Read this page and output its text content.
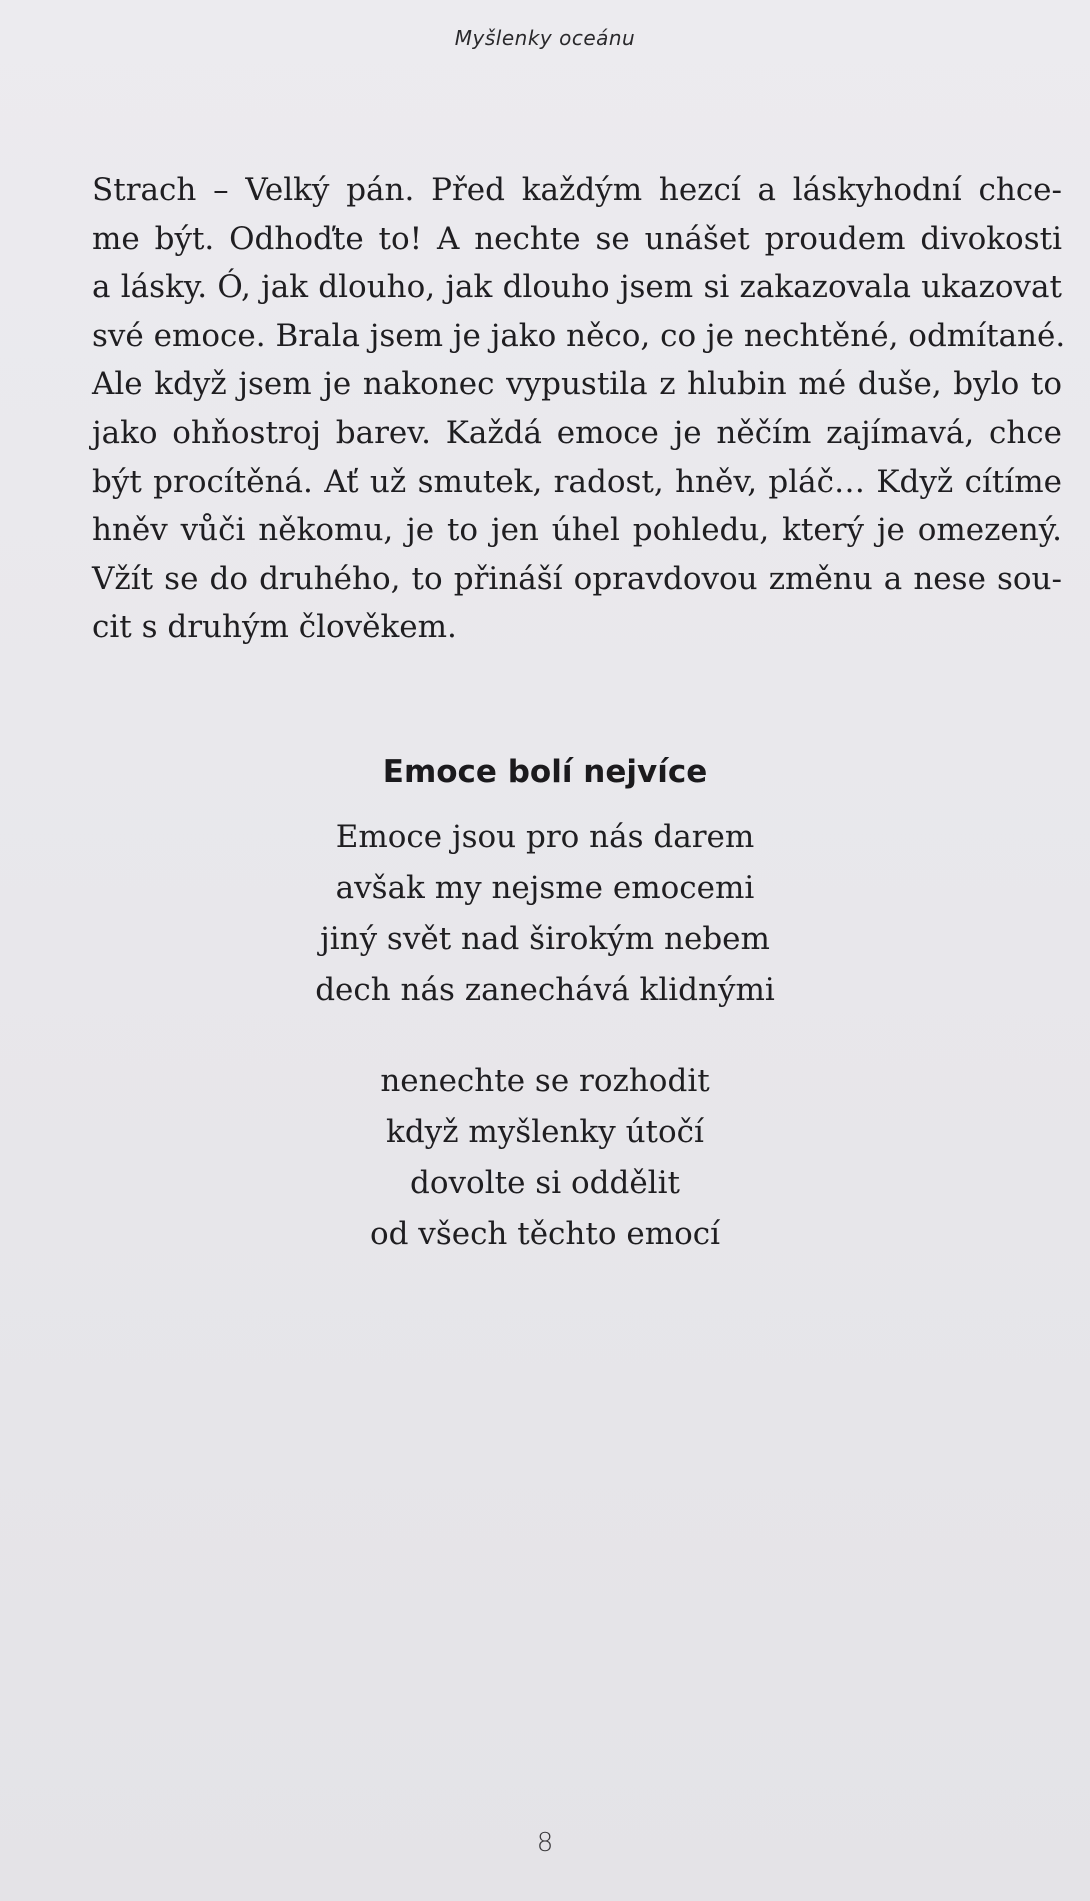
Myšlenky oceánu
Strach – Velký pán. Před každým hezcí a láskyhodní chce-
me být. Odhoďte to! A nechte se unášet proudem divokosti
a lásky. Ó, jak dlouho, jak dlouho jsem si zakazovala ukazovat
své emoce. Brala jsem je jako něco, co je nechtěné, odmítané.
Ale když jsem je nakonec vypustila z hlubin mé duše, bylo to
jako ohňostroj barev. Každá emoce je něčím zajímavá, chce
být procítěná. Ať už smutek, radost, hněv, pláč… Když cítíme
hněv vůči někomu, je to jen úhel pohledu, který je omezený.
Vžít se do druhého, to přináší opravdovou změnu a nese sou-
cit s druhým člověkem.
Emoce bolí nejvíce
Emoce jsou pro nás darem
avšak my nejsme emocemi
jiný svět nad širokým nebem
dech nás zanechává klidnými
nenechte se rozhodit
když myšlenky útočí
dovolte si oddělit
od všech těchto emocí
8
